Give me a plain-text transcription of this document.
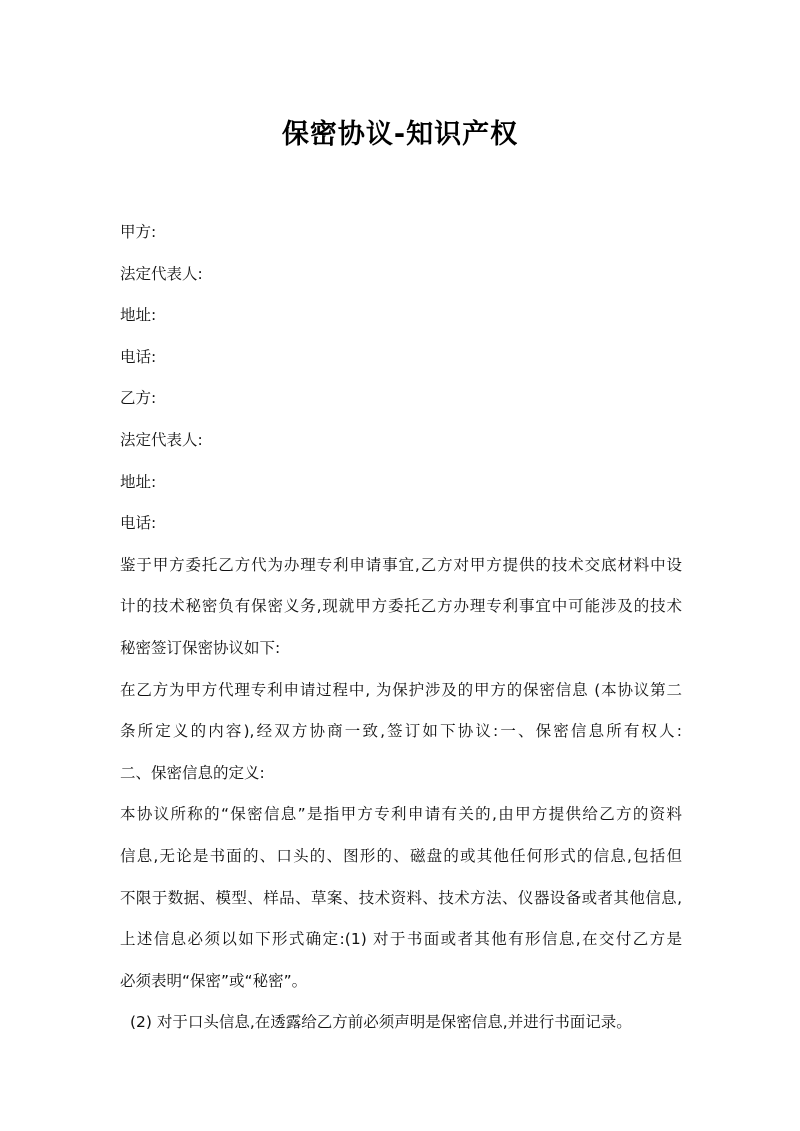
保密协议-知识产权
甲方:
法定代表人:
地址:
电话:
乙方:
法定代表人:
地址:
电话:
鉴于甲方委托乙方代为办理专利申请事宜,乙方对甲方提供的技术交底材料中设
计的技术秘密负有保密义务,现就甲方委托乙方办理专利事宜中可能涉及的技术
秘密签订保密协议如下:
在乙方为甲方代理专利申请过程中, 为保护涉及的甲方的保密信息 (本协议第二
条所定义的内容),经双方协商一致,签订如下协议:一、保密信息所有权人:
二、保密信息的定义:
本协议所称的“保密信息”是指甲方专利申请有关的,由甲方提供给乙方的资料
信息,无论是书面的、口头的、图形的、磁盘的或其他任何形式的信息,包括但
不限于数据、模型、样品、草案、技术资料、技术方法、仪器设备或者其他信息,
上述信息必须以如下形式确定:(1) 对于书面或者其他有形信息,在交付乙方是
必须表明“保密”或“秘密”。
(2) 对于口头信息,在透露给乙方前必须声明是保密信息,并进行书面记录。
